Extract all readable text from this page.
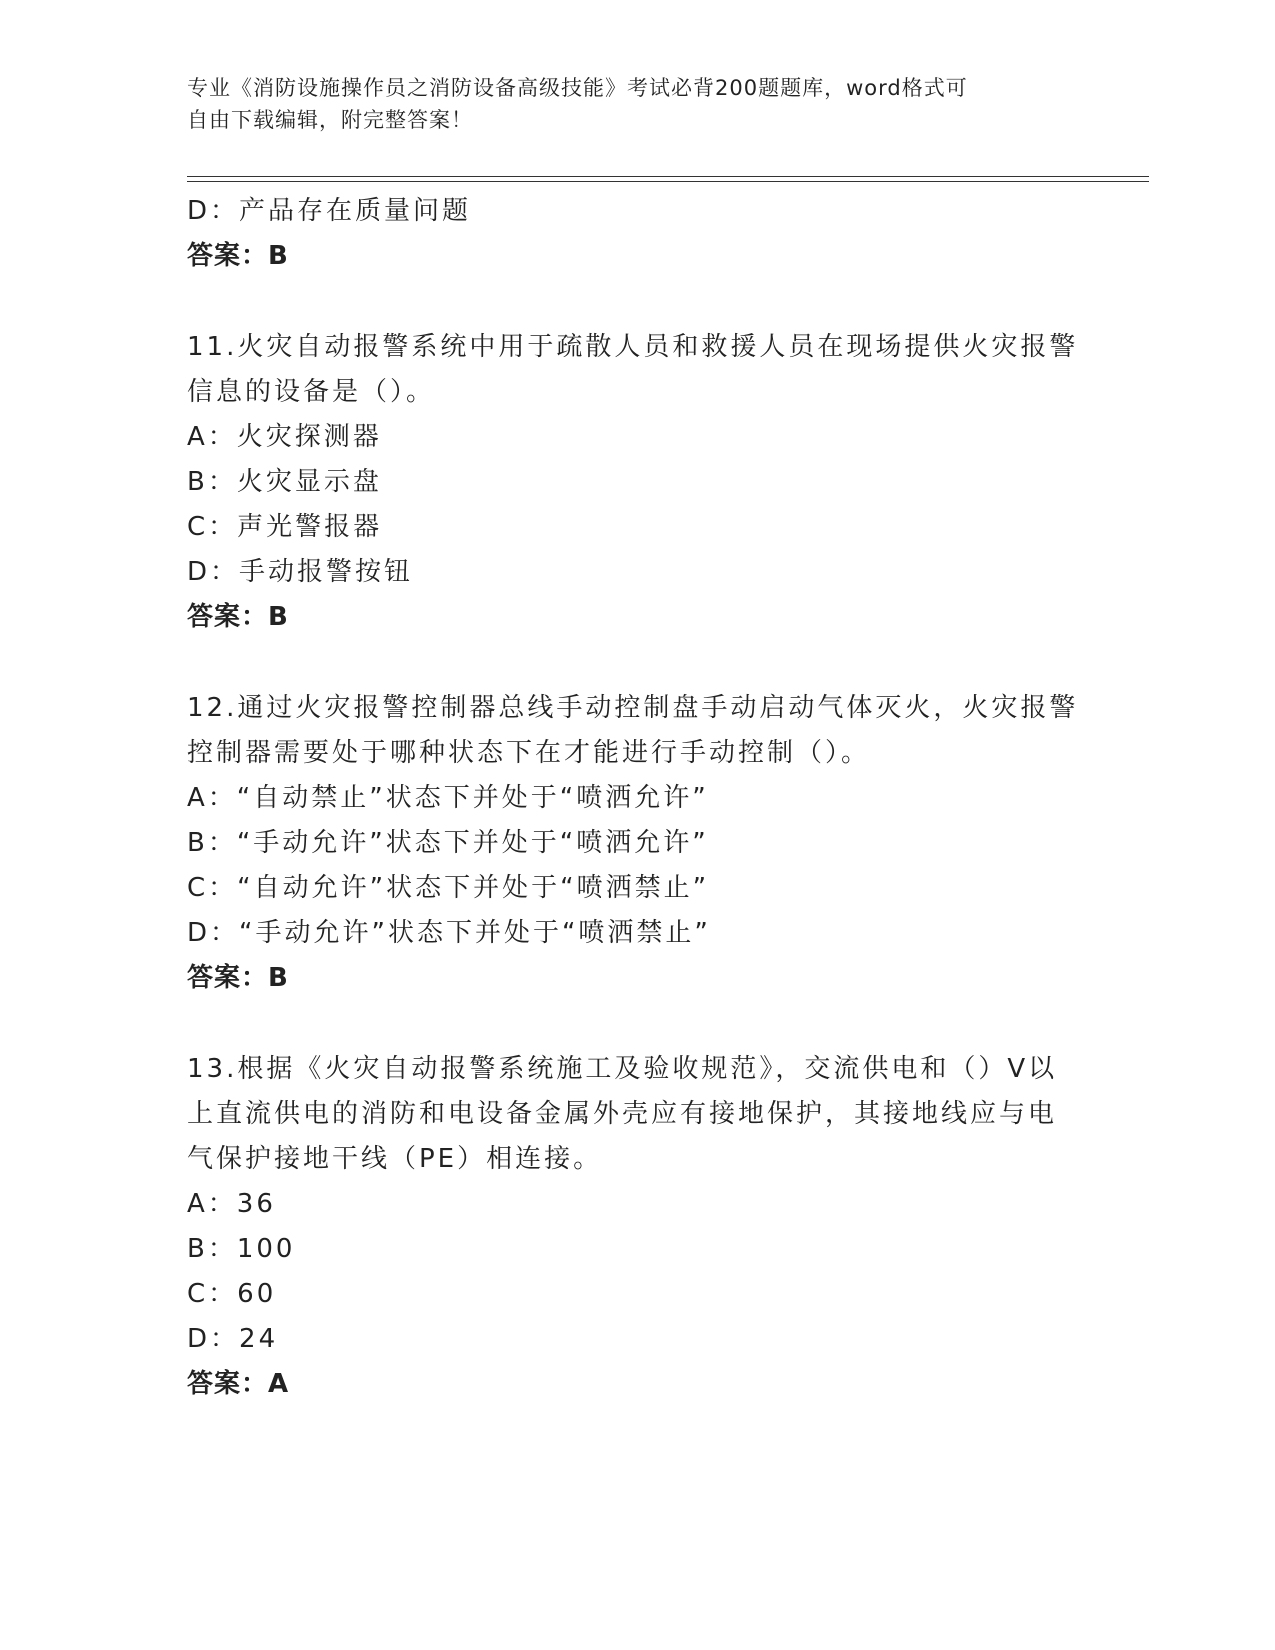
专业《消防设施操作员之消防设备高级技能》考试必背200题题库，word格式可
自由下载编辑，附完整答案！
D：产品存在质量问题
答案：B
11.火灾自动报警系统中用于疏散人员和救援人员在现场提供火灾报警
信息的设备是（）。
A：火灾探测器
B：火灾显示盘
C：声光警报器
D：手动报警按钮
答案：B
12.通过火灾报警控制器总线手动控制盘手动启动气体灭火，火灾报警
控制器需要处于哪种状态下在才能进行手动控制（）。
A：“自动禁止”状态下并处于“喷洒允许”
B：“手动允许”状态下并处于“喷洒允许”
C：“自动允许”状态下并处于“喷洒禁止”
D：“手动允许”状态下并处于“喷洒禁止”
答案：B
13.根据《火灾自动报警系统施工及验收规范》，交流供电和（）V以
上直流供电的消防和电设备金属外壳应有接地保护，其接地线应与电
气保护接地干线（PE）相连接。
A：36
B：100
C：60
D：24
答案：A
